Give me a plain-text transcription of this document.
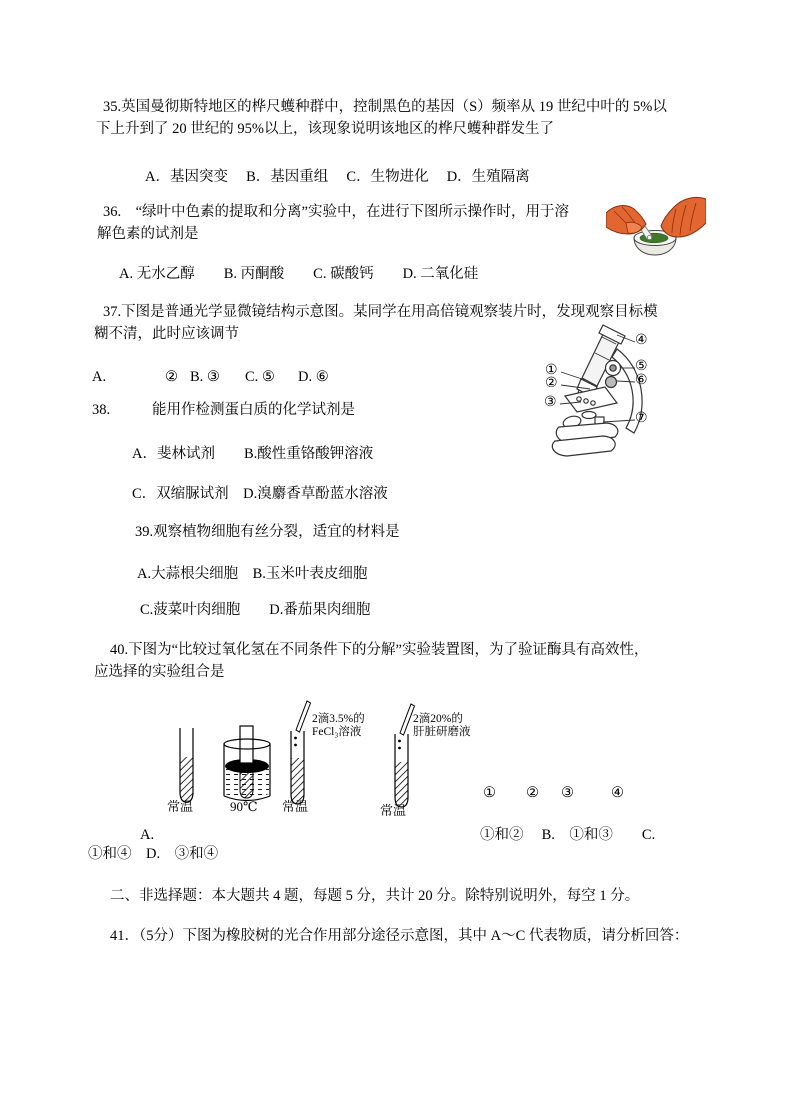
35.英国曼彻斯特地区的桦尺蠖种群中，控制黑色的基因（S）频率从 19 世纪中叶的 5%以
下上升到了 20 世纪的 95%以上，该现象说明该地区的桦尺蠖种群发生了
A．基因突变　 B．基因重组　 C．生物进化　 D．生殖隔离
36.　“绿叶中色素的提取和分离”实验中，在进行下图所示操作时，用于溶
解色素的试剂是
A. 无水乙醇　　B. 丙酮酸　　C. 碳酸钙　　D. 二氧化硅
37.下图是普通光学显微镜结构示意图。某同学在用高倍镜观察装片时，发现观察目标模
糊不清，此时应该调节
A.	② B. ③ C. ⑤ D. ⑥	①
②
③
④
⑤
⑥
⑦
38.	能用作检测蛋白质的化学试剂是
A．斐林试剂　　B.酸性重铬酸钾溶液
C．双缩脲试剂　D.溴麝香草酚蓝水溶液
39.观察植物细胞有丝分裂，适宜的材料是
A.大蒜根尖细胞　B.玉米叶表皮细胞
C.菠菜叶肉细胞　　D.番茄果肉细胞
40.下图为“比较过氧化氢在不同条件下的分解”实验装置图，为了验证酶具有高效性，
应选择的实验组合是
2滴3.5%的
FeCl₃溶液
2滴20%的
肝脏研磨液
常温	90℃ 常温	常温
① ② ③	④
A.	①和②　 B.　①和③　　C.
①和④　D.　③和④
二、非选择题：本大题共 4 题，每题 5 分，共计 20 分。除特别说明外，每空 1 分。
41．（5分）下图为橡胶树的光合作用部分途径示意图，其中 A～C 代表物质，请分析回答：
